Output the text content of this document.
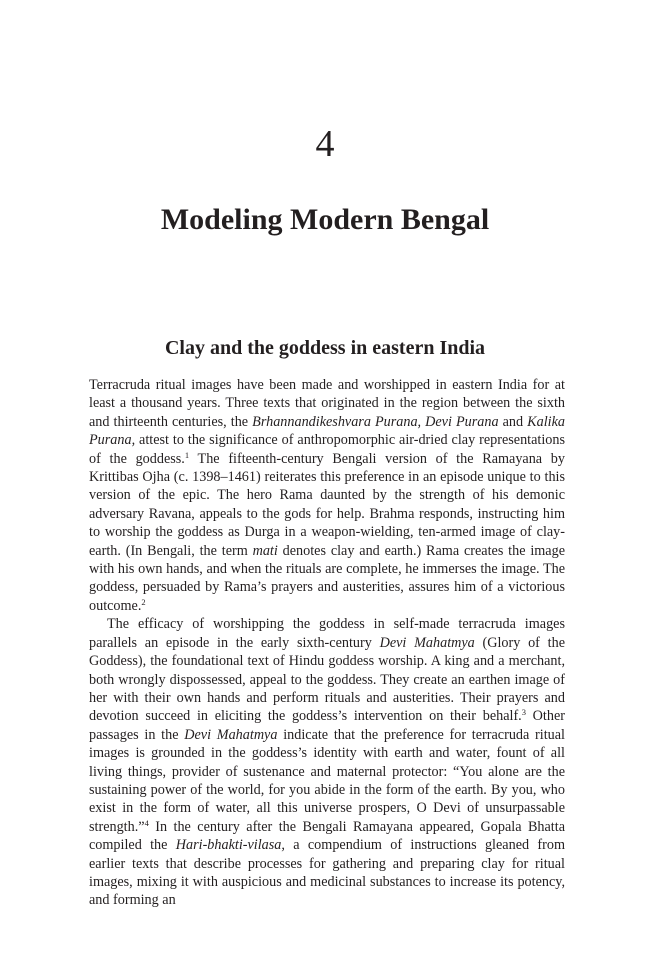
4
Modeling Modern Bengal
Clay and the goddess in eastern India

Terracruda ritual images have been made and worshipped in eastern India for at least a thousand years. Three texts that originated in the region between the sixth and thirteenth centuries, the Brhannandikeshvara Purana, Devi Purana and Kalika Purana, attest to the significance of anthropomorphic air-dried clay representations of the goddess.$^1$ The fifteenth-century Bengali version of the Ramayana by Krittibas Ojha (c. 1398–1461) reiterates this preference in an episode unique to this version of the epic. The hero Rama daunted by the strength of his demonic adversary Ravana, appeals to the gods for help. Brahma responds, instructing him to worship the goddess as Durga in a weapon-wielding, ten-armed image of clay-earth. (In Bengali, the term mati denotes clay and earth.) Rama creates the image with his own hands, and when the rituals are complete, he immerses the image. The goddess, persuaded by Rama’s prayers and austerities, assures him of a victorious outcome.$^2$

The efficacy of worshipping the goddess in self-made terracruda images parallels an episode in the early sixth-century Devi Mahatmya (Glory of the Goddess), the foundational text of Hindu goddess worship. A king and a merchant, both wrongly dispossessed, appeal to the goddess. They create an earthen image of her with their own hands and perform rituals and austerities. Their prayers and devotion succeed in eliciting the goddess’s intervention on their behalf.$^3$ Other passages in the Devi Mahatmya indicate that the preference for terracruda ritual images is grounded in the goddess’s identity with earth and water, fount of all living things, provider of sustenance and maternal protector: “You alone are the sustaining power of the world, for you abide in the form of the earth. By you, who exist in the form of water, all this universe prospers, O Devi of unsurpassable strength.”$^4$ In the century after the Bengali Ramayana appeared, Gopala Bhatta compiled the Hari-bhakti-vilasa, a compendium of instructions gleaned from earlier texts that describe processes for gathering and preparing clay for ritual images, mixing it with auspicious and medicinal substances to increase its potency, and forming an
